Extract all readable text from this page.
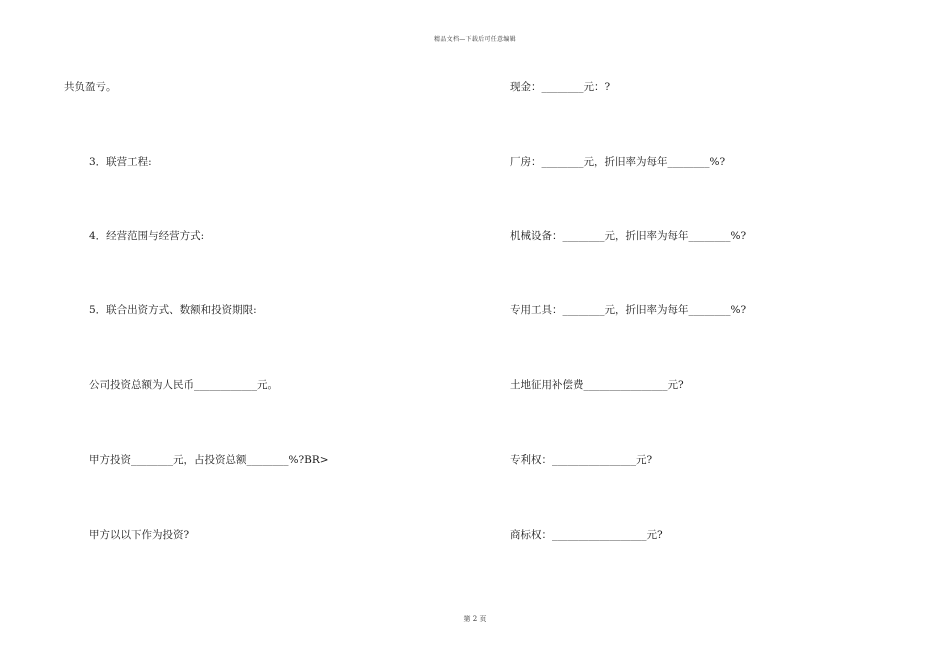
精品文档—下载后可任意编辑
共负盈亏。
3．联营工程:
4．经营范围与经营方式:
5．联合出资方式、数额和投资期限:
公司投资总额为人民币____________元。
甲方投资________元，占投资总额________%?BR>
甲方以以下作为投资?
现金：________元：?
厂房：________元，折旧率为每年________%?
机械设备：________元，折旧率为每年________%?
专用工具：________元，折旧率为每年________%?
土地征用补偿费________________元?
专利权：________________元?
商标权：__________________元?
第 2 页
